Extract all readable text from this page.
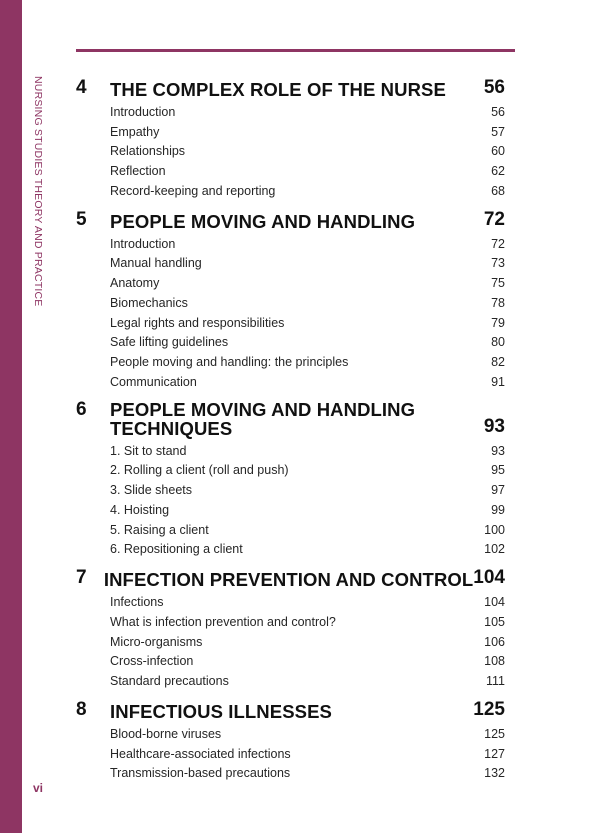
NURSING STUDIES THEORY AND PRACTICE
vi
4	THE COMPLEX ROLE OF THE NURSE	56
Introduction	56
Empathy	57
Relationships	60
Reflection	62
Record-keeping and reporting	68
5	PEOPLE MOVING AND HANDLING	72
Introduction	72
Manual handling	73
Anatomy	75
Biomechanics	78
Legal rights and responsibilities	79
Safe lifting guidelines	80
People moving and handling: the principles	82
Communication	91
6	PEOPLE MOVING AND HANDLING TECHNIQUES	93
1. Sit to stand	93
2. Rolling a client (roll and push)	95
3. Slide sheets	97
4. Hoisting	99
5. Raising a client	100
6. Repositioning a client	102
7 INFECTION PREVENTION AND CONTROL 104
Infections	104
What is infection prevention and control?	105
Micro-organisms	106
Cross-infection	108
Standard precautions	111
8	INFECTIOUS ILLNESSES	125
Blood-borne viruses	125
Healthcare-associated infections	127
Transmission-based precautions	132
